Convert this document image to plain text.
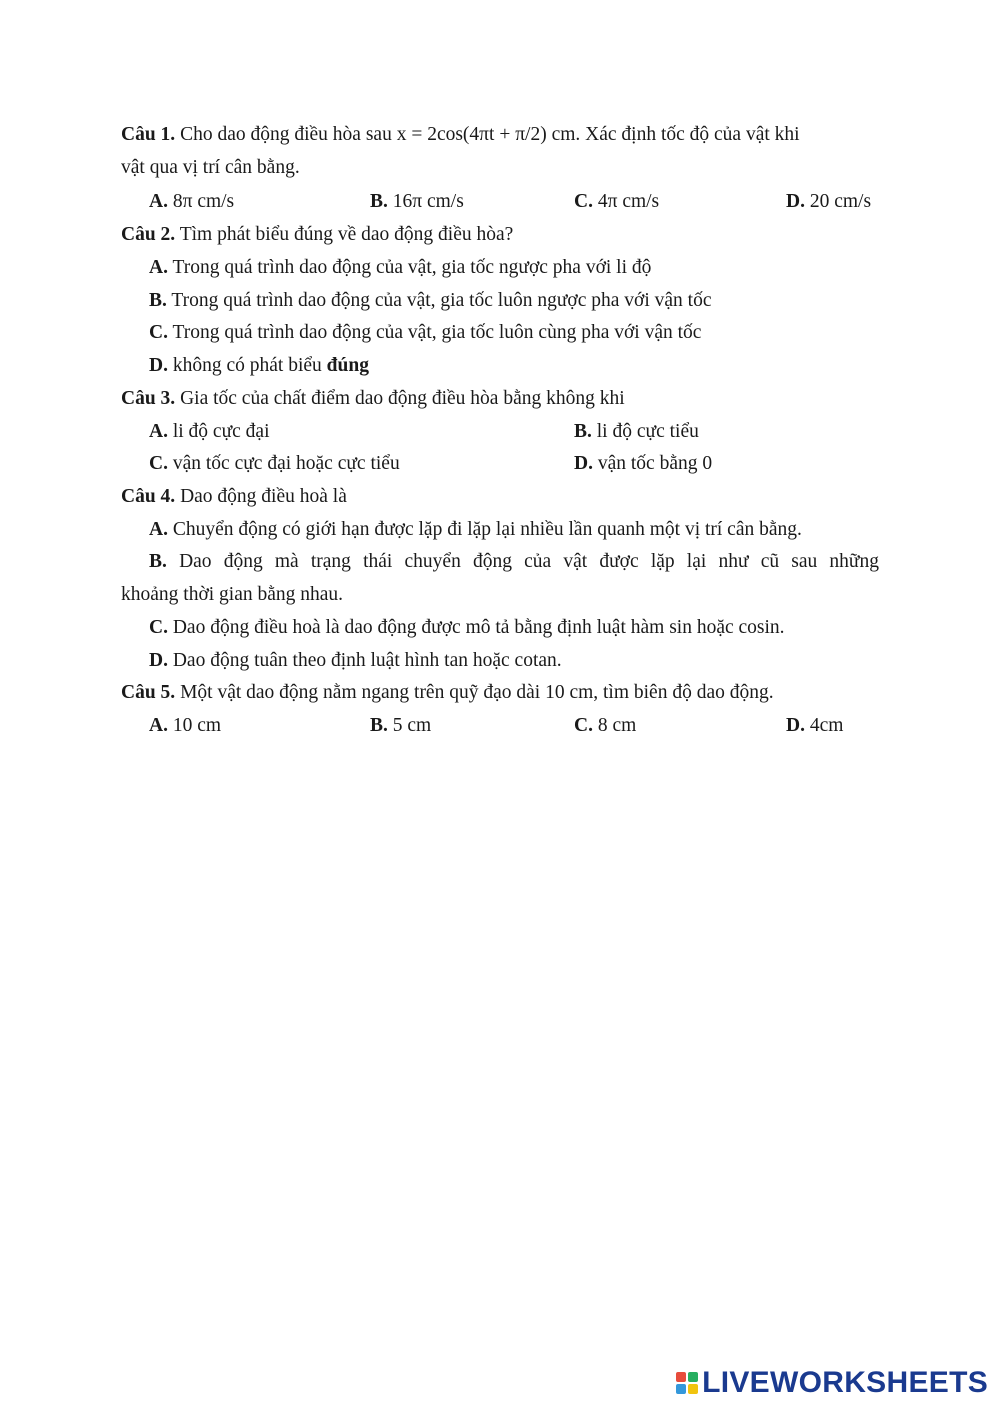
Câu 1. Cho dao động điều hòa sau x = 2cos(4πt + π/2) cm. Xác định tốc độ của vật khi
vật qua vị trí cân bằng.
A. 8π cm/s	B. 16π cm/s	C. 4π cm/s	D. 20 cm/s
Câu 2. Tìm phát biểu đúng về dao động điều hòa?
A. Trong quá trình dao động của vật, gia tốc ngược pha với li độ
B. Trong quá trình dao động của vật, gia tốc luôn ngược pha với vận tốc
C. Trong quá trình dao động của vật, gia tốc luôn cùng pha với vận tốc
D. không có phát biểu đúng
Câu 3. Gia tốc của chất điểm dao động điều hòa bằng không khi
A. li độ cực đại	B. li độ cực tiểu
C. vận tốc cực đại hoặc cực tiểu	D. vận tốc bằng 0
Câu 4. Dao động điều hoà là
A. Chuyển động có giới hạn được lặp đi lặp lại nhiều lần quanh một vị trí cân bằng.
B. Dao động mà trạng thái chuyển động của vật được lặp lại như cũ sau những
khoảng thời gian bằng nhau.
C. Dao động điều hoà là dao động được mô tả bằng định luật hàm sin hoặc cosin.
D. Dao động tuân theo định luật hình tan hoặc cotan.
Câu 5. Một vật dao động nằm ngang trên quỹ đạo dài 10 cm, tìm biên độ dao động.
A. 10 cm	B. 5 cm	C. 8 cm	D. 4cm
LIVEWORKSHEETS
